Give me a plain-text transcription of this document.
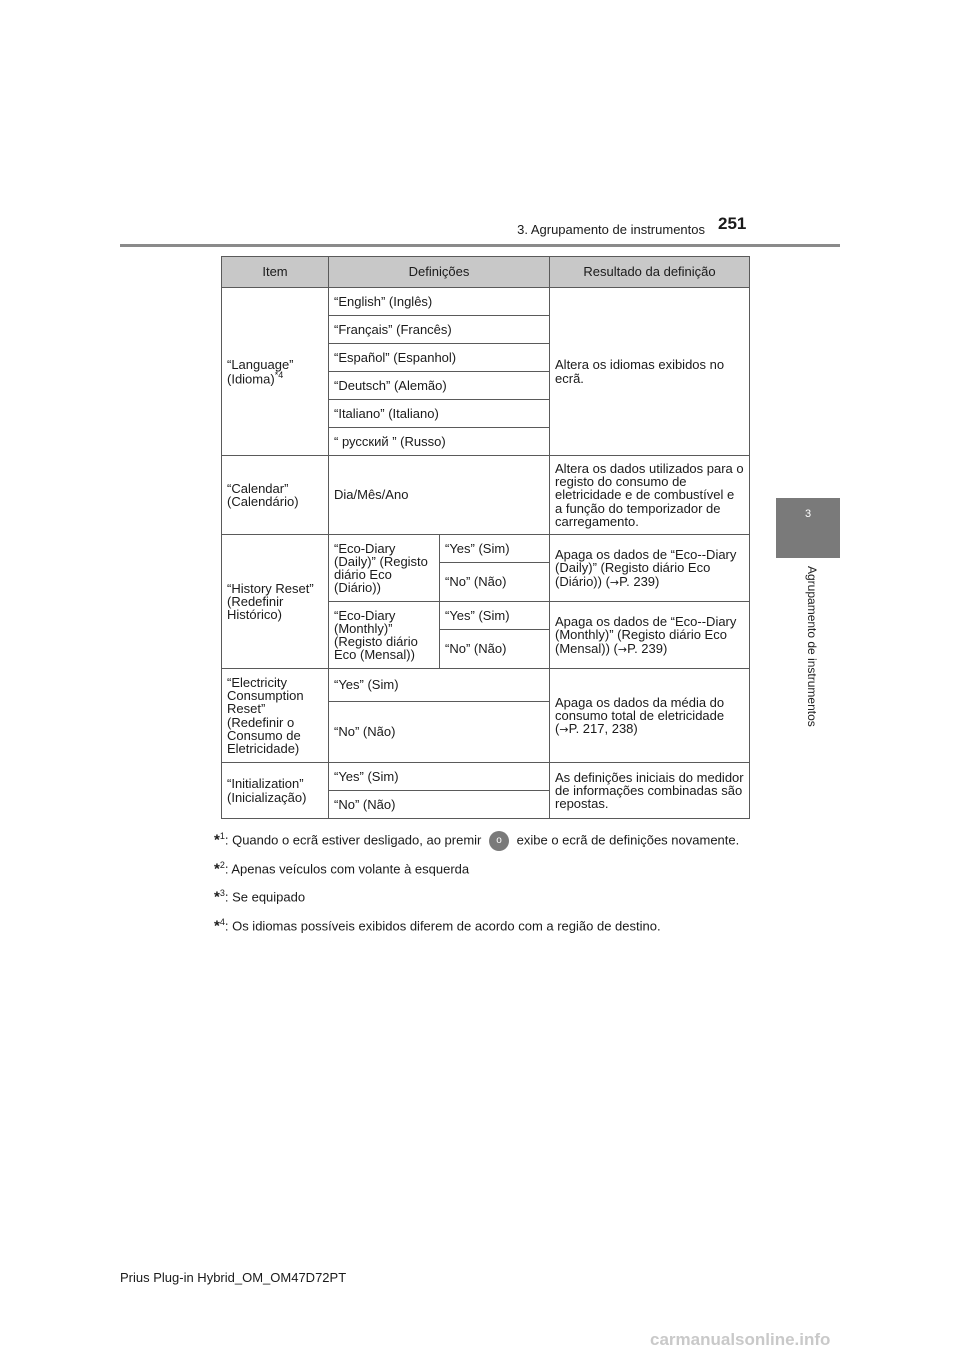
3. Agrupamento de instrumentos 251
3
Agrupamento de instrumentos
Item	Definições		Resultado da definição
“Language” (Idioma)$^{*4}$	“English” (Inglês)		Altera os idiomas exibidos no ecrã.
	“Français” (Francês)		
	“Español” (Espanhol)		
	“Deutsch” (Alemão)		
	“Italiano” (Italiano)		
	“ русский ” (Russo)		
“Calendar” (Calendário)	Dia/Mês/Ano		Altera os dados utilizados para o registo do consumo de eletricidade e de combustível e a função do temporizador de carregamento.
“History Reset” (Redefinir Histórico)	“Eco-Diary (Daily)” (Registo diário Eco (Diário))	“Yes” (Sim)	Apaga os dados de “Eco--Diary (Daily)” (Registo diário Eco (Diário)) (→P. 239)
		“No” (Não)	
	“Eco-Diary (Monthly)” (Registo diário Eco (Mensal))	“Yes” (Sim)	Apaga os dados de “Eco--Diary (Monthly)” (Registo diário Eco (Mensal)) (→P. 239)
		“No” (Não)	
“Electricity Consumption Reset” (Redefinir o Consumo de Eletricidade)	“Yes” (Sim)		Apaga os dados da média do consumo total de eletricidade (→P. 217, 238)
	“No” (Não)		
“Initialization” (Inicialização)	“Yes” (Sim)		As definições iniciais do medidor de informações combinadas são repostas.
	“No” (Não)		
*$^1$: Quando o ecrã estiver desligado, ao premir o exibe o ecrã de definições novamente.
*$^2$: Apenas veículos com volante à esquerda
*$^3$: Se equipado
*$^4$: Os idiomas possíveis exibidos diferem de acordo com a região de destino.
Prius Plug-in Hybrid_OM_OM47D72PT
carmanualsonline.info
